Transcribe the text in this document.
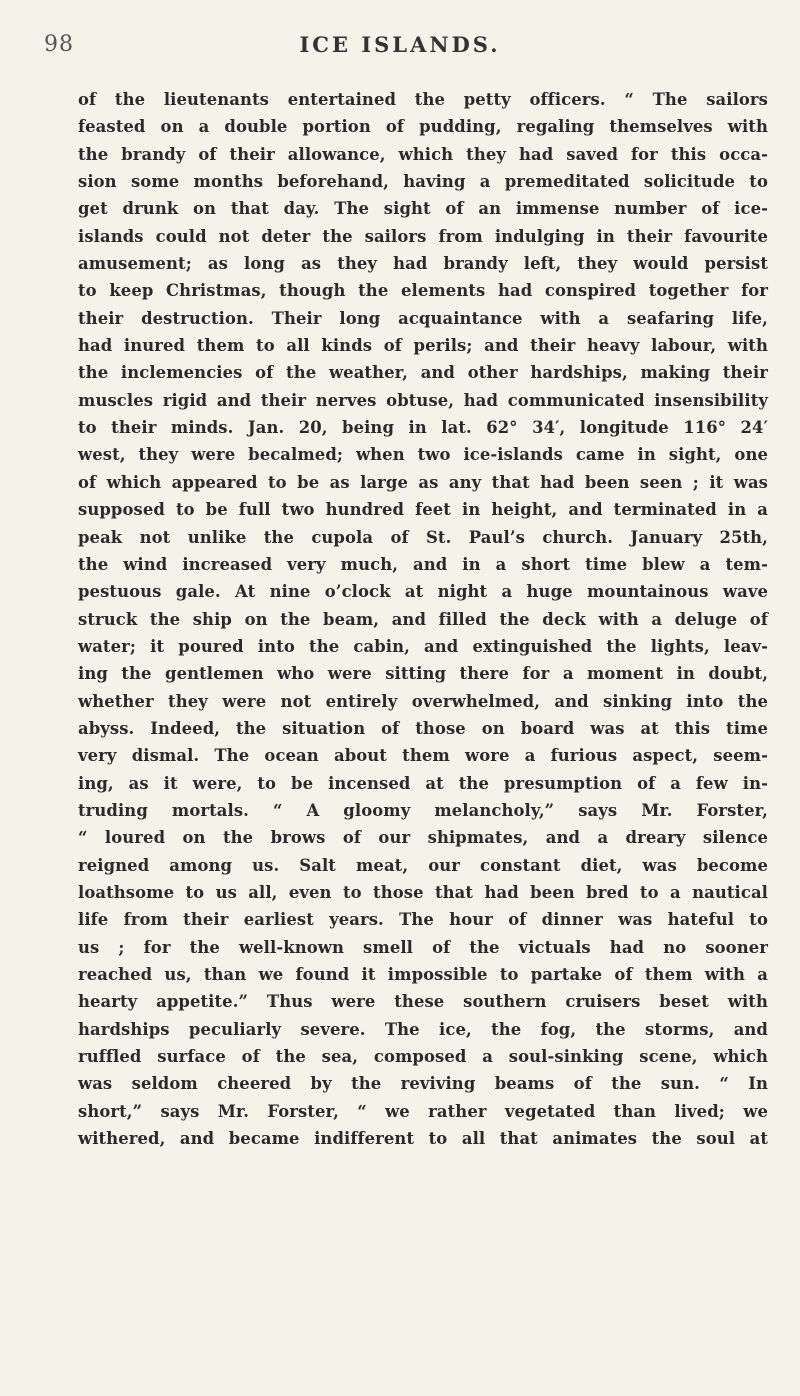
98	ICE ISLANDS.
of the lieutenants entertained the petty officers. “ The sailors
feasted on a double portion of pudding, regaling themselves with
the brandy of their allowance, which they had saved for this occa-
sion some months beforehand, having a premeditated solicitude to
get drunk on that day. The sight of an immense number of ice-
islands could not deter the sailors from indulging in their favourite
amusement; as long as they had brandy left, they would persist
to keep Christmas, though the elements had conspired together for
their destruction. Their long acquaintance with a seafaring life,
had inured them to all kinds of perils; and their heavy labour, with
the inclemencies of the weather, and other hardships, making their
muscles rigid and their nerves obtuse, had communicated insensibility
to their minds. Jan. 20, being in lat. 62° 34′, longitude 116° 24′
west, they were becalmed; when two ice-islands came in sight, one
of which appeared to be as large as any that had been seen ; it was
supposed to be full two hundred feet in height, and terminated in a
peak not unlike the cupola of St. Paul’s church. January 25th,
the wind increased very much, and in a short time blew a tem-
pestuous gale. At nine o’clock at night a huge mountainous wave
struck the ship on the beam, and filled the deck with a deluge of
water; it poured into the cabin, and extinguished the lights, leav-
ing the gentlemen who were sitting there for a moment in doubt,
whether they were not entirely overwhelmed, and sinking into the
abyss. Indeed, the situation of those on board was at this time
very dismal. The ocean about them wore a furious aspect, seem-
ing, as it were, to be incensed at the presumption of a few in-
truding mortals. “ A gloomy melancholy,” says Mr. Forster,
“ loured on the brows of our shipmates, and a dreary silence
reigned among us. Salt meat, our constant diet, was become
loathsome to us all, even to those that had been bred to a nautical
life from their earliest years. The hour of dinner was hateful to
us ; for the well-known smell of the victuals had no sooner
reached us, than we found it impossible to partake of them with a
hearty appetite.” Thus were these southern cruisers beset with
hardships peculiarly severe. The ice, the fog, the storms, and
ruffled surface of the sea, composed a soul-sinking scene, which
was seldom cheered by the reviving beams of the sun. “ In
short,” says Mr. Forster, “ we rather vegetated than lived; we
withered, and became indifferent to all that animates the soul at
